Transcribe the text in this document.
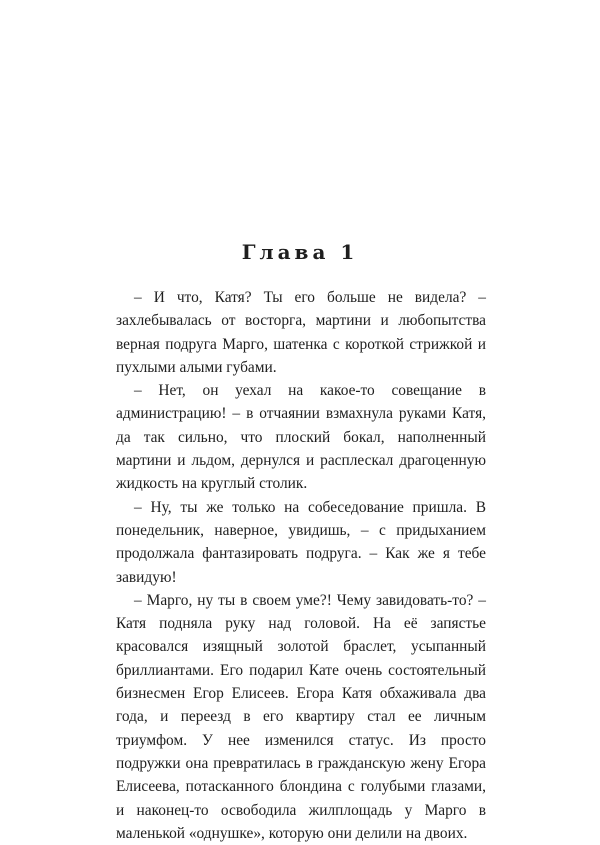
Глава 1

– И что, Катя? Ты его больше не видела? – захлебывалась от восторга, мартини и любопытства верная подруга Марго, шатенка с короткой стрижкой и пухлыми алыми губами.

– Нет, он уехал на какое-то совещание в администрацию! – в отчаянии взмахнула руками Катя, да так сильно, что плоский бокал, наполненный мартини и льдом, дернулся и расплескал драгоценную жидкость на круглый столик.

– Ну, ты же только на собеседование пришла. В понедельник, наверное, увидишь, – с придыханием продолжала фантазировать подруга. – Как же я тебе завидую!

– Марго, ну ты в своем уме?! Чему завидовать-то? – Катя подняла руку над головой. На её запястье красовался изящный золотой браслет, усыпанный бриллиантами. Его подарил Кате очень состоятельный бизнесмен Егор Елисеев. Егора Катя обхаживала два года, и переезд в его квартиру стал ее личным триумфом. У нее изменился статус. Из просто подружки она превратилась в гражданскую жену Егора Елисеева, потасканного блондина с голубыми глазами, и наконец-то освободила жилплощадь у Марго в маленькой «однушке», которую они делили на двоих.
